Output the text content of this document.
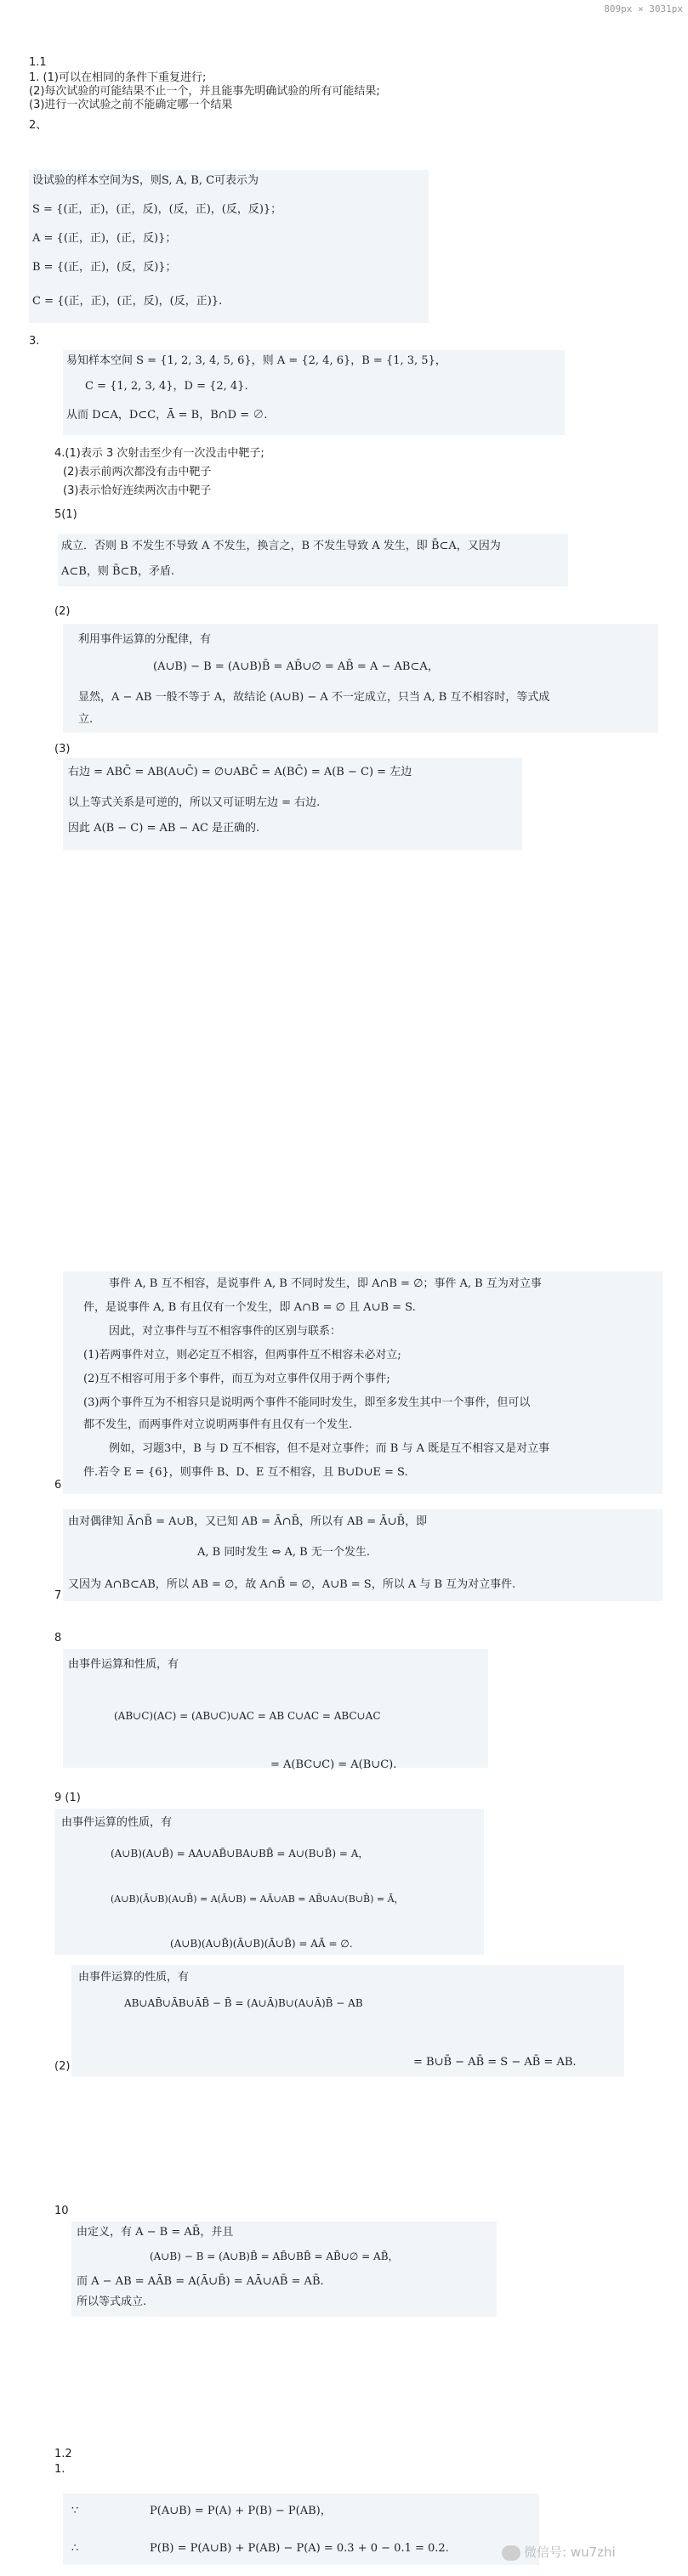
809px × 3031px
1.1
1. (1)可以在相同的条件下重复进行;
(2)每次试验的可能结果不止一个，并且能事先明确试验的所有可能结果;
(3)进行一次试验之前不能确定哪一个结果
2、
设试验的样本空间为S，则S, A, B, C可表示为
S = {(正，正)，(正，反)，(反，正)，(反，反)}；
A = {(正，正)，(正，反)}；
B = {(正，正)，(反，反)}；
C = {(正，正)，(正，反)，(反，正)}.
3.
易知样本空间 S = {1, 2, 3, 4, 5, 6}，则 A = {2, 4, 6}，B = {1, 3, 5}，
C = {1, 2, 3, 4}，D = {2, 4}.
从而 D⊂A，D⊂C，Ā = B，B∩D = ∅.
4.(1)表示 3 次射击至少有一次没击中靶子;
(2)表示前两次都没有击中靶子
(3)表示恰好连续两次击中靶子
5(1)
成立．否则 B 不发生不导致 A 不发生，换言之，B 不发生导致 A 发生，即 B̄⊂A，又因为
A⊂B，则 B̄⊂B，矛盾.
(2)
利用事件运算的分配律，有
(A∪B) − B = (A∪B)B̄ = AB̄∪∅ = AB̄ = A − AB⊂A，
显然，A − AB 一般不等于 A，故结论 (A∪B) − A 不一定成立，只当 A, B 互不相容时，等式成
立.
(3)
右边 = ABC̄ = AB(A∪C̄) = ∅∪ABC̄ = A(BC̄) = A(B − C) = 左边
以上等式关系是可逆的，所以又可证明左边 = 右边.
因此 A(B − C) = AB − AC 是正确的.
事件 A, B 互不相容，是说事件 A, B 不同时发生，即 A∩B = ∅；事件 A, B 互为对立事
件，是说事件 A, B 有且仅有一个发生，即 A∩B = ∅ 且 A∪B = S.
因此，对立事件与互不相容事件的区别与联系：
(1)若两事件对立，则必定互不相容，但两事件互不相容未必对立;
(2)互不相容可用于多个事件，而互为对立事件仅用于两个事件;
(3)两个事件互为不相容只是说明两个事件不能同时发生，即至多发生其中一个事件，但可以
都不发生，而两事件对立说明两事件有且仅有一个发生.
例如，习题3中，B 与 D 互不相容，但不是对立事件；而 B 与 A 既是互不相容又是对立事
件.若令 E = {6}，则事件 B、D、E 互不相容，且 B∪D∪E = S.
6
由对偶律知 Ā∩B̄ = A∪B，又已知 AB = Ā∩B̄，所以有 AB = Ā∪B̄，即
A, B 同时发生 ⇔ A, B 无一个发生.
又因为 A∩B⊂AB，所以 AB = ∅，故 A∩B̄ = ∅，A∪B = S，所以 A 与 B 互为对立事件.
7
8
由事件运算和性质，有
(AB∪C)(AC) = (AB∪C)∪AC = AB C∪AC = ABC∪AC
= A(BC∪C) = A(B∪C).
9 (1)
由事件运算的性质，有
(A∪B)(A∪B̄) = AA∪AB̄∪BA∪BB̄ = A∪(B∪B̄) = A，
(A∪B)(Ā∪B)(A∪B̄) = A(Ā∪B) = AĀ∪AB = AB̄∪A∪(B∪B̄) = Ā，
(A∪B)(A∪B̄)(Ā∪B)(Ā∪B̄) = AĀ = ∅.
由事件运算的性质，有
AB∪AB̄∪ĀB∪ĀB̄ − B̄ = (A∪Ā)B∪(A∪Ā)B̄ − AB
= B∪B̄ − AB̄ = S − AB̄ = AB.
(2)
10
由定义，有 A − B = AB̄，并且
(A∪B) − B = (A∪B)B̄ = AB̄∪BB̄ = AB̄∪∅ = AB̄，
而 A − AB = AĀB = A(Ā∪B̄) = AĀ∪AB̄ = AB̄.
所以等式成立.
1.2
1.
∵	P(A∪B) = P(A) + P(B) − P(AB)，
∴	P(B) = P(A∪B) + P(AB) − P(A) = 0.3 + 0 − 0.1 = 0.2.	微信号: wu7zhi
